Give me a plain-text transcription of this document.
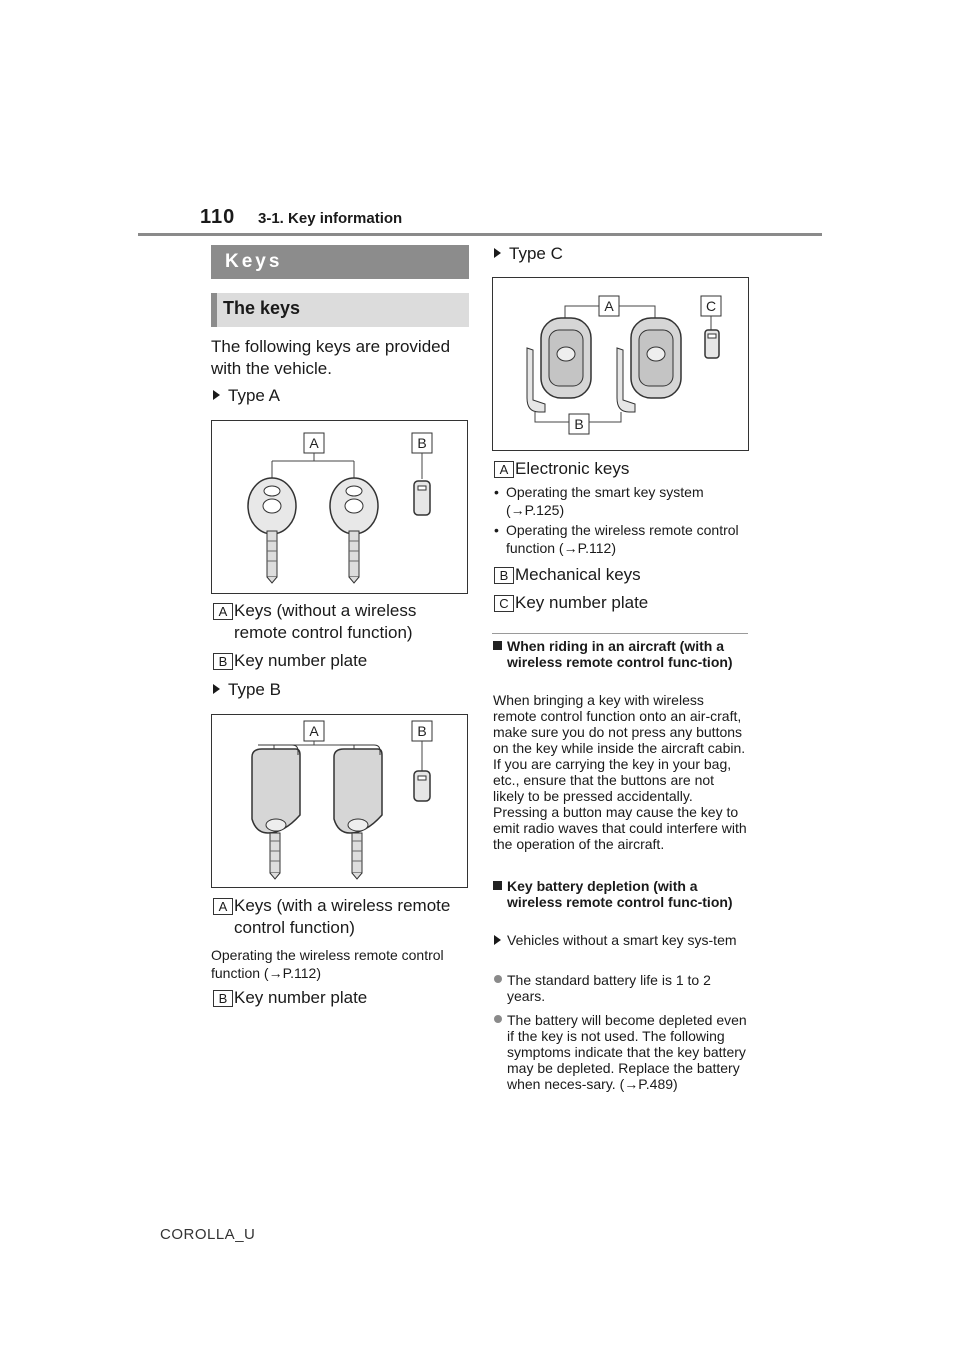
110 3-1. Key information
Keys
The keys
The following keys are provided with the vehicle.
Type A
A	B
A Keys (without a wireless remote control function)
B Key number plate
Type B
A	B
A Keys (with a wireless remote control function)
Operating the wireless remote control function (→P.112)
B Key number plate
Type C
A	C
B
A Electronic keys
• Operating the smart key system (→P.125)
• Operating the wireless remote control function (→P.112)
B Mechanical keys
C Key number plate
When riding in an aircraft (with a wireless remote control func-tion)
When bringing a key with wireless remote control function onto an air-craft, make sure you do not press any buttons on the key while inside the aircraft cabin. If you are carrying the key in your bag, etc., ensure that the buttons are not likely to be pressed accidentally. Pressing a button may cause the key to emit radio waves that could interfere with the operation of the aircraft.
Key battery depletion (with a wireless remote control func-tion)
Vehicles without a smart key sys-tem
The standard battery life is 1 to 2 years.
The battery will become depleted even if the key is not used. The following symptoms indicate that the key battery may be depleted. Replace the battery when neces-sary. (→P.489)
COROLLA_U
